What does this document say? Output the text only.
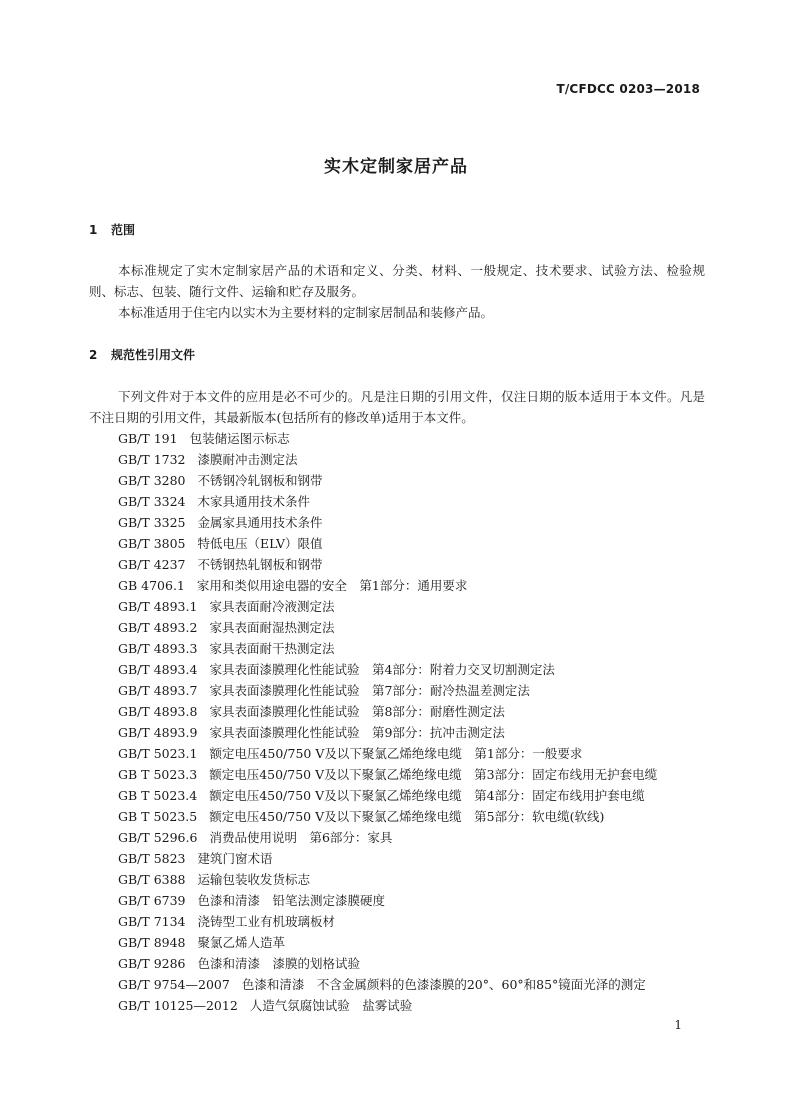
T/CFDCC 0203—2018
实木定制家居产品
1 范围

本标准规定了实木定制家居产品的术语和定义、分类、材料、一般规定、技术要求、试验方法、检验规则、标志、包装、随行文件、运输和贮存及服务。

本标准适用于住宅内以实木为主要材料的定制家居制品和装修产品。

2 规范性引用文件

下列文件对于本文件的应用是必不可少的。凡是注日期的引用文件，仅注日期的版本适用于本文件。凡是不注日期的引用文件，其最新版本(包括所有的修改单)适用于本文件。

GB/T 191 包装储运图示标志
GB/T 1732 漆膜耐冲击测定法
GB/T 3280 不锈钢冷轧钢板和钢带
GB/T 3324 木家具通用技术条件
GB/T 3325 金属家具通用技术条件
GB/T 3805 特低电压（ELV）限值
GB/T 4237 不锈钢热轧钢板和钢带
GB 4706.1 家用和类似用途电器的安全　第1部分：通用要求
GB/T 4893.1 家具表面耐冷液测定法
GB/T 4893.2 家具表面耐湿热测定法
GB/T 4893.3 家具表面耐干热测定法
GB/T 4893.4 家具表面漆膜理化性能试验　第4部分：附着力交叉切割测定法
GB/T 4893.7 家具表面漆膜理化性能试验　第7部分：耐冷热温差测定法
GB/T 4893.8 家具表面漆膜理化性能试验　第8部分：耐磨性测定法
GB/T 4893.9 家具表面漆膜理化性能试验　第9部分：抗冲击测定法
GB/T 5023.1 额定电压450/750 V及以下聚氯乙烯绝缘电缆　第1部分：一般要求
GB T 5023.3 额定电压450/750 V及以下聚氯乙烯绝缘电缆　第3部分：固定布线用无护套电缆
GB T 5023.4 额定电压450/750 V及以下聚氯乙烯绝缘电缆　第4部分：固定布线用护套电缆
GB T 5023.5 额定电压450/750 V及以下聚氯乙烯绝缘电缆　第5部分：软电缆(软线)
GB/T 5296.6 消费品使用说明　第6部分：家具
GB/T 5823 建筑门窗术语
GB/T 6388 运输包装收发货标志
GB/T 6739 色漆和清漆　铅笔法测定漆膜硬度
GB/T 7134 浇铸型工业有机玻璃板材
GB/T 8948 聚氯乙烯人造革
GB/T 9286 色漆和清漆　漆膜的划格试验
GB/T 9754—2007 色漆和清漆　不含金属颜料的色漆漆膜的20°、60°和85°镜面光泽的测定
GB/T 10125—2012 人造气氛腐蚀试验　盐雾试验
1
